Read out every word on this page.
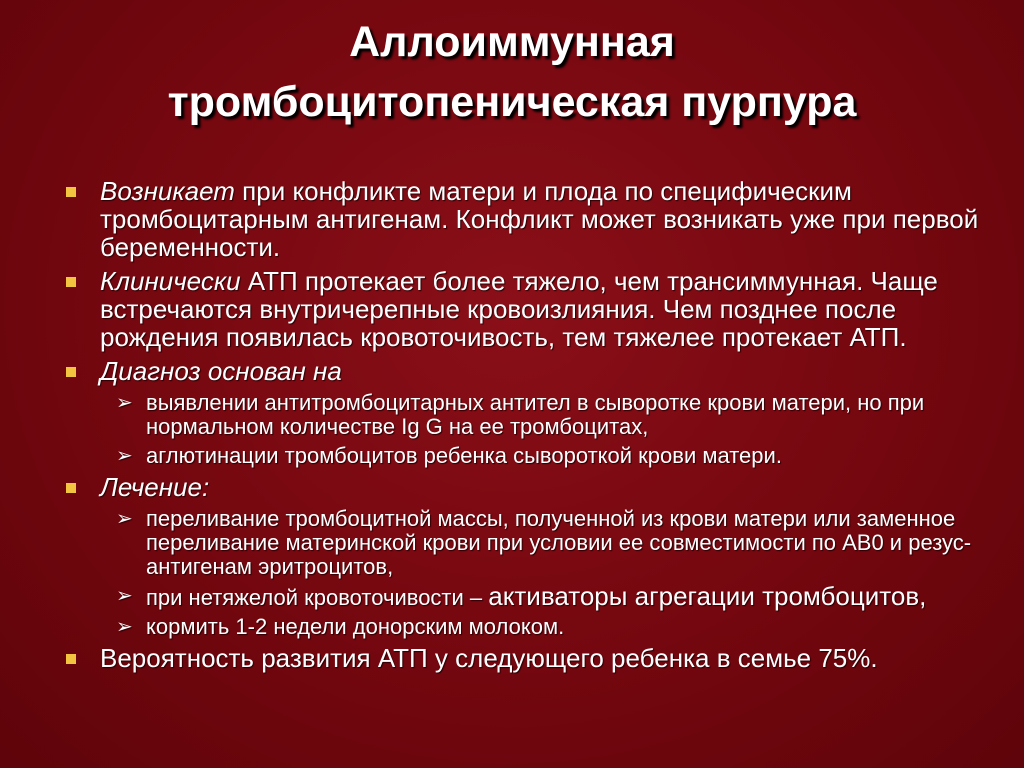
Аллоиммунная
тромбоцитопеническая пурпура
Возникает при конфликте матери и плода по специфическим тромбоцитарным антигенам. Конфликт может возникать уже при первой беременности.
Клинически АТП протекает более тяжело, чем трансиммунная. Чаще встречаются внутричерепные кровоизлияния. Чем позднее после рождения появилась кровоточивость, тем тяжелее протекает АТП.
Диагноз основан на
➢ выявлении антитромбоцитарных антител в сыворотке крови матери, но при нормальном количестве Ig G на ее тромбоцитах,
➢ аглютинации тромбоцитов ребенка сывороткой крови матери.
Лечение:
➢ переливание тромбоцитной массы, полученной из крови матери или заменное переливание материнской крови при условии ее совместимости по АВ0 и резус-антигенам эритроцитов,
➢ при нетяжелой кровоточивости – активаторы агрегации тромбоцитов,
➢ кормить 1-2 недели донорским молоком.
Вероятность развития АТП у следующего ребенка в семье 75%.
